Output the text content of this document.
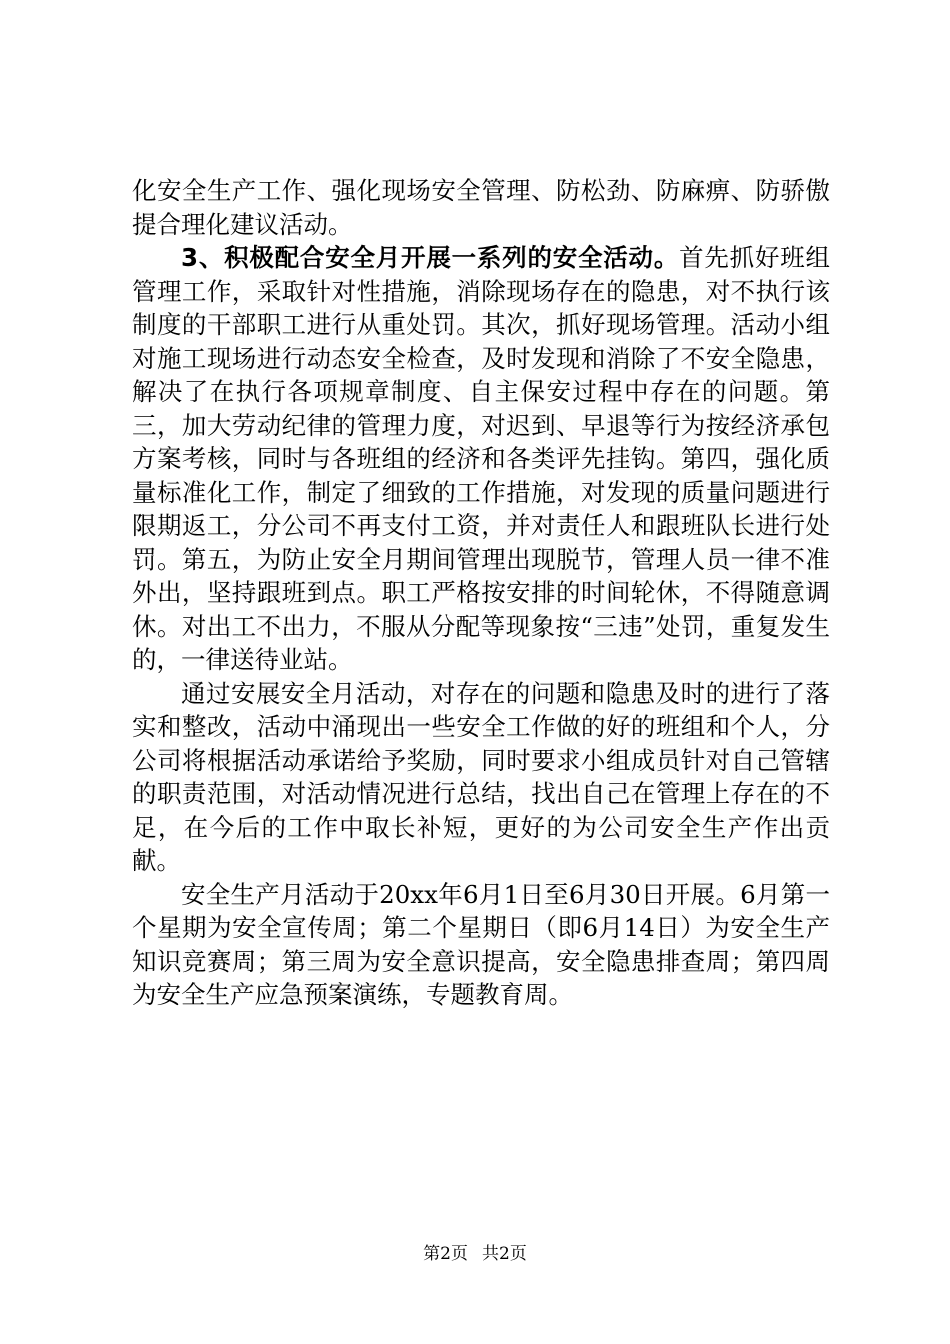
化安全生产工作、强化现场安全管理、防松劲、防麻痹、防骄傲提合理化建议活动。

3、积极配合安全月开展一系列的安全活动。首先抓好班组管理工作，采取针对性措施，消除现场存在的隐患，对不执行该制度的干部职工进行从重处罚。其次，抓好现场管理。活动小组对施工现场进行动态安全检查，及时发现和消除了不安全隐患，解决了在执行各项规章制度、自主保安过程中存在的问题。第三，加大劳动纪律的管理力度，对迟到、早退等行为按经济承包方案考核，同时与各班组的经济和各类评先挂钩。第四，强化质量标准化工作，制定了细致的工作措施，对发现的质量问题进行限期返工，分公司不再支付工资，并对责任人和跟班队长进行处罚。第五，为防止安全月期间管理出现脱节，管理人员一律不准外出，坚持跟班到点。职工严格按安排的时间轮休，不得随意调休。对出工不出力，不服从分配等现象按“三违”处罚，重复发生的，一律送待业站。

通过安展安全月活动，对存在的问题和隐患及时的进行了落实和整改，活动中涌现出一些安全工作做的好的班组和个人，分公司将根据活动承诺给予奖励，同时要求小组成员针对自己管辖的职责范围，对活动情况进行总结，找出自己在管理上存在的不足，在今后的工作中取长补短，更好的为公司安全生产作出贡献。

安全生产月活动于20xx年6月1日至6月30日开展。6月第一个星期为安全宣传周；第二个星期日（即6月14日）为安全生产知识竞赛周；第三周为安全意识提高，安全隐患排查周；第四周为安全生产应急预案演练，专题教育周。

第2页 共2页
